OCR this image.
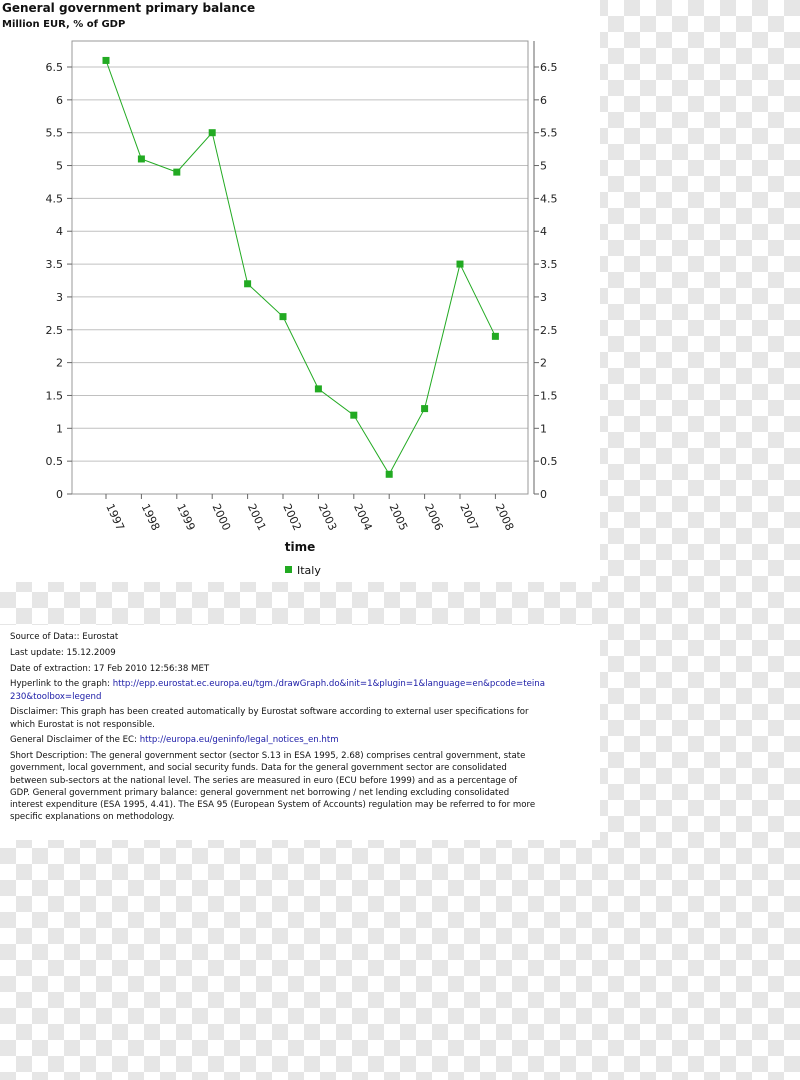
General government primary balance
Million EUR, % of GDP
0
0.5
1
1.5
2
2.5
3
3.5
4
4.5
5
5.5
6
6.5
0
0.5
1
1.5
2
2.5
3
3.5
4
4.5
5
5.5
6
6.5
1997 1998 1999 2000 2001 2002 2003 2004 2005 2006 2007 2008
time
Italy
Source of Data:: Eurostat
Last update: 15.12.2009
Date of extraction: 17 Feb 2010 12:56:38 MET
Hyperlink to the graph: http://epp.eurostat.ec.europa.eu/tgm./drawGraph.do&init=1&plugin=1&language=en&pcode=teina
230&toolbox=legend
Disclaimer: This graph has been created automatically by Eurostat software according to external user specifications for
which Eurostat is not responsible.
General Disclaimer of the EC: http://europa.eu/geninfo/legal_notices_en.htm
Short Description: The general government sector (sector S.13 in ESA 1995, 2.68) comprises central government, state
government, local government, and social security funds. Data for the general government sector are consolidated
between sub-sectors at the national level. The series are measured in euro (ECU before 1999) and as a percentage of
GDP. General government primary balance: general government net borrowing / net lending excluding consolidated
interest expenditure (ESA 1995, 4.41). The ESA 95 (European System of Accounts) regulation may be referred to for more
specific explanations on methodology.
